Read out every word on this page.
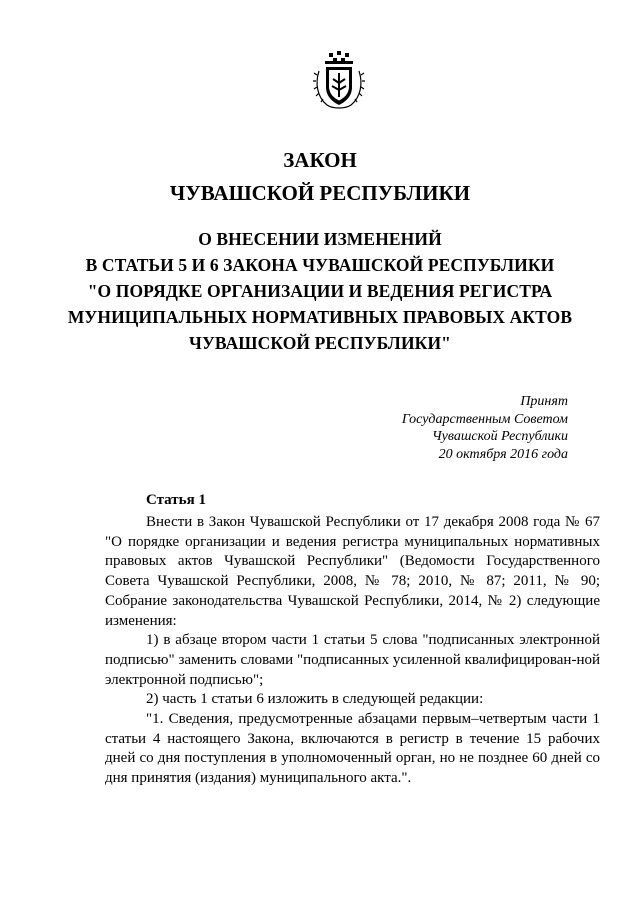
ЗАКОН
ЧУВАШСКОЙ РЕСПУБЛИКИ
О ВНЕСЕНИИ ИЗМЕНЕНИЙ
В СТАТЬИ 5 И 6 ЗАКОНА ЧУВАШСКОЙ РЕСПУБЛИКИ
"О ПОРЯДКЕ ОРГАНИЗАЦИИ И ВЕДЕНИЯ РЕГИСТРА
МУНИЦИПАЛЬНЫХ НОРМАТИВНЫХ ПРАВОВЫХ АКТОВ
ЧУВАШСКОЙ РЕСПУБЛИКИ"
Принят
Государственным Советом
Чувашской Республики
20 октября 2016 года
Статья 1

Внести в Закон Чувашской Республики от 17 декабря 2008 года № 67 "О порядке организации и ведения регистра муниципальных нормативных правовых актов Чувашской Республики" (Ведомости Государственного Совета Чувашской Республики, 2008, № 78; 2010, № 87; 2011, № 90; Собрание законодательства Чувашской Республики, 2014, № 2) следующие изменения:

1) в абзаце втором части 1 статьи 5 слова "подписанных электронной подписью" заменить словами "подписанных усиленной квалифицирован-ной электронной подписью";

2) часть 1 статьи 6 изложить в следующей редакции:

"1. Сведения, предусмотренные абзацами первым–четвертым части 1 статьи 4 настоящего Закона, включаются в регистр в течение 15 рабочих дней со дня поступления в уполномоченный орган, но не позднее 60 дней со дня принятия (издания) муниципального акта.".
